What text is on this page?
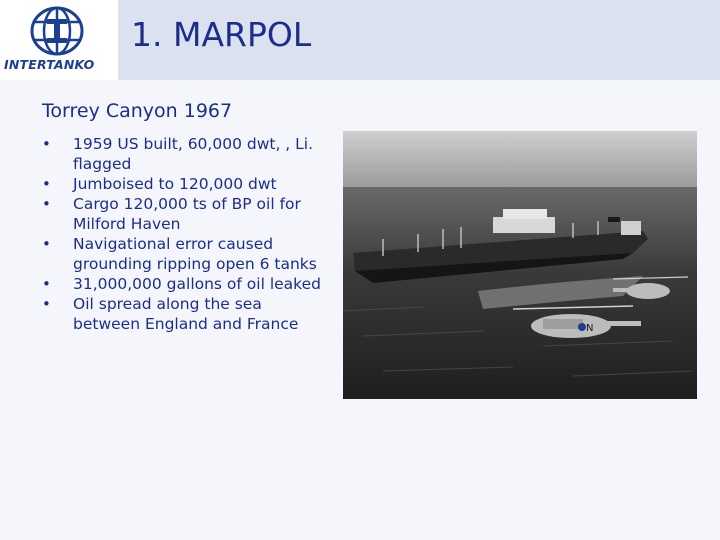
INTERTANKO
1. MARPOL
Torrey Canyon 1967
• 1959 US built, 60,000 dwt, , Li.
flagged
• Jumboised to 120,000 dwt
• Cargo 120,000 ts of BP oil for
Milford Haven
• Navigational error caused
grounding ripping open 6 tanks
• 31,000,000 gallons of oil leaked
• Oil spread along the sea
between England and France	N
